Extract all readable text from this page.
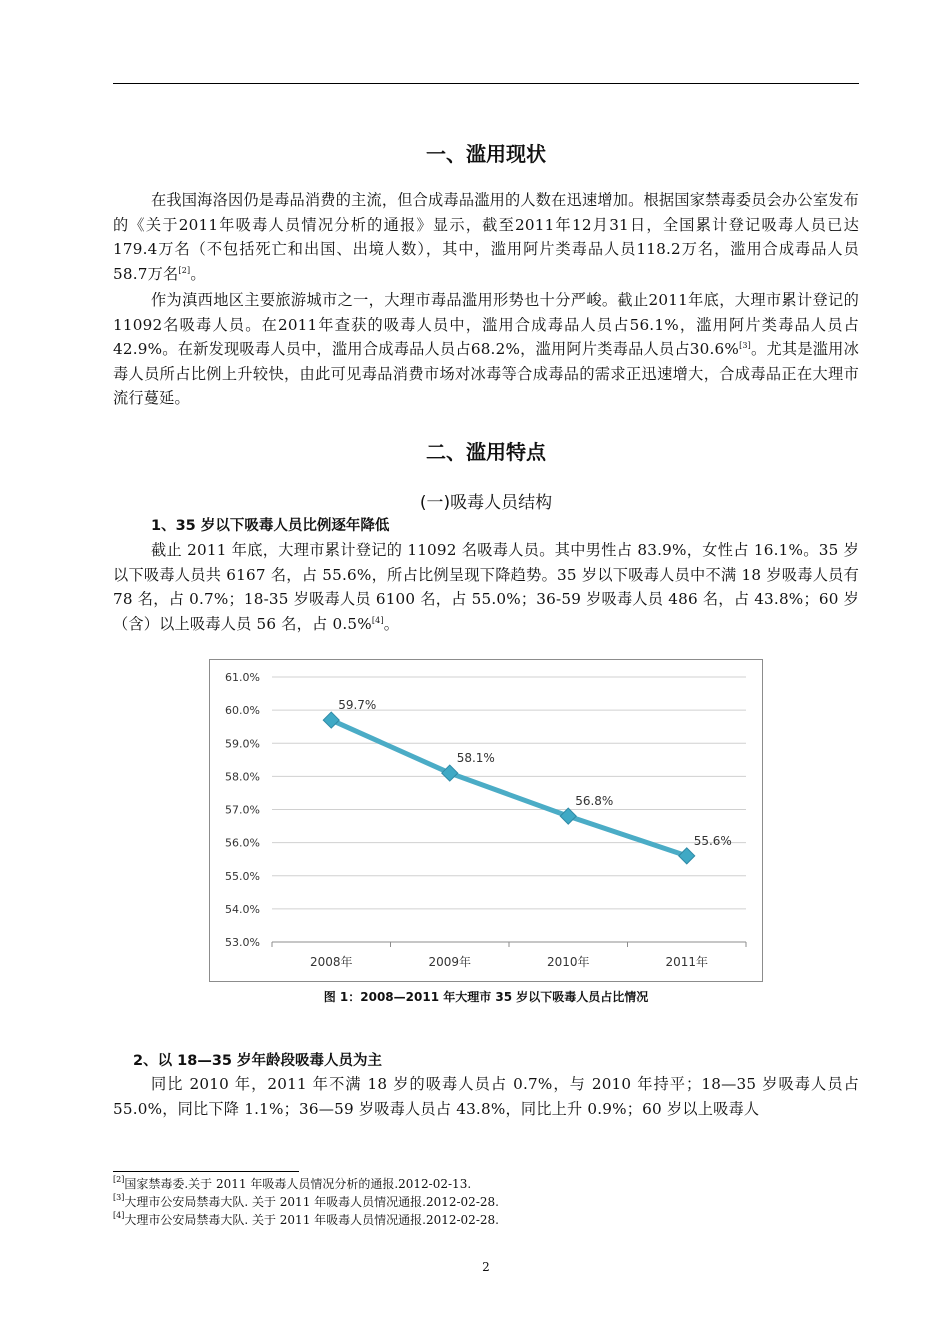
一、滥用现状
在我国海洛因仍是毒品消费的主流，但合成毒品滥用的人数在迅速增加。根据国家禁毒委员会办公室发布的《关于2011年吸毒人员情况分析的通报》显示，截至2011年12月31日，全国累计登记吸毒人员已达179.4万名（不包括死亡和出国、出境人数），其中，滥用阿片类毒品人员118.2万名，滥用合成毒品人员58.7万名[2]。
作为滇西地区主要旅游城市之一，大理市毒品滥用形势也十分严峻。截止2011年底，大理市累计登记的11092名吸毒人员。在2011年查获的吸毒人员中，滥用合成毒品人员占56.1%，滥用阿片类毒品人员占42.9%。在新发现吸毒人员中，滥用合成毒品人员占68.2%，滥用阿片类毒品人员占30.6%[3]。尤其是滥用冰毒人员所占比例上升较快，由此可见毒品消费市场对冰毒等合成毒品的需求正迅速增大，合成毒品正在大理市流行蔓延。
二、滥用特点
(一)吸毒人员结构
1、35 岁以下吸毒人员比例逐年降低
截止 2011 年底，大理市累计登记的 11092 名吸毒人员。其中男性占 83.9%，女性占 16.1%。35 岁以下吸毒人员共 6167 名，占 55.6%，所占比例呈现下降趋势。35 岁以下吸毒人员中不满 18 岁吸毒人员有 78 名，占 0.7%；18-35 岁吸毒人员 6100 名，占 55.0%；36-59 岁吸毒人员 486 名，占 43.8%；60 岁（含）以上吸毒人员 56 名，占 0.5%[4]。
53.0%
54.0%
55.0%
56.0%
57.0%
58.0%
59.0%
60.0%
61.0%
2008年	2009年	2010年	2011年
59.7%
58.1%
56.8%
55.6%
图 1：2008—2011 年大理市 35 岁以下吸毒人员占比情况
2、以 18—35 岁年龄段吸毒人员为主
同比 2010 年，2011 年不满 18 岁的吸毒人员占 0.7%，与 2010 年持平；18—35 岁吸毒人员占 55.0%，同比下降 1.1%；36—59 岁吸毒人员占 43.8%，同比上升 0.9%；60 岁以上吸毒人
[2]国家禁毒委.关于 2011 年吸毒人员情况分析的通报.2012-02-13.
[3]大理市公安局禁毒大队. 关于 2011 年吸毒人员情况通报.2012-02-28.
[4]大理市公安局禁毒大队. 关于 2011 年吸毒人员情况通报.2012-02-28.
2
